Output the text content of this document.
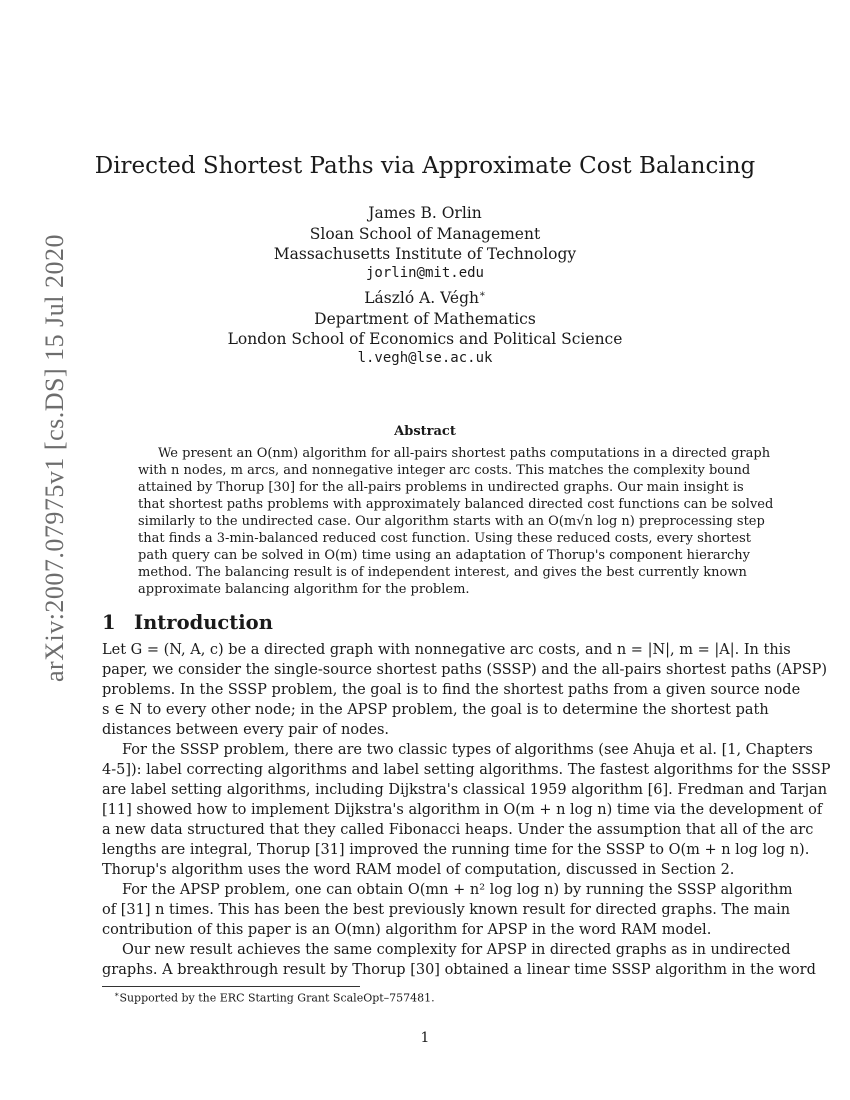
arXiv:2007.07975v1 [cs.DS] 15 Jul 2020
Directed Shortest Paths via Approximate Cost Balancing
James B. Orlin
Sloan School of Management
Massachusetts Institute of Technology
jorlin@mit.edu
László A. Végh∗
Department of Mathematics
London School of Economics and Political Science
l.vegh@lse.ac.uk
Abstract
We present an O(nm) algorithm for all-pairs shortest paths computations in a directed graph
with n nodes, m arcs, and nonnegative integer arc costs. This matches the complexity bound
attained by Thorup [30] for the all-pairs problems in undirected graphs. Our main insight is
that shortest paths problems with approximately balanced directed cost functions can be solved
similarly to the undirected case. Our algorithm starts with an O(m√n log n) preprocessing step
that finds a 3-min-balanced reduced cost function. Using these reduced costs, every shortest
path query can be solved in O(m) time using an adaptation of Thorup's component hierarchy
method. The balancing result is of independent interest, and gives the best currently known
approximate balancing algorithm for the problem.
1 Introduction
Let G = (N, A, c) be a directed graph with nonnegative arc costs, and n = |N|, m = |A|. In this
paper, we consider the single-source shortest paths (SSSP) and the all-pairs shortest paths (APSP)
problems. In the SSSP problem, the goal is to find the shortest paths from a given source node
s ∈ N to every other node; in the APSP problem, the goal is to determine the shortest path
distances between every pair of nodes.
For the SSSP problem, there are two classic types of algorithms (see Ahuja et al. [1, Chapters
4-5]): label correcting algorithms and label setting algorithms. The fastest algorithms for the SSSP
are label setting algorithms, including Dijkstra's classical 1959 algorithm [6]. Fredman and Tarjan
[11] showed how to implement Dijkstra's algorithm in O(m + n log n) time via the development of
a new data structured that they called Fibonacci heaps. Under the assumption that all of the arc
lengths are integral, Thorup [31] improved the running time for the SSSP to O(m + n log log n).
Thorup's algorithm uses the word RAM model of computation, discussed in Section 2.
For the APSP problem, one can obtain O(mn + n² log log n) by running the SSSP algorithm
of [31] n times. This has been the best previously known result for directed graphs. The main
contribution of this paper is an O(mn) algorithm for APSP in the word RAM model.
Our new result achieves the same complexity for APSP in directed graphs as in undirected
graphs. A breakthrough result by Thorup [30] obtained a linear time SSSP algorithm in the word
∗Supported by the ERC Starting Grant ScaleOpt–757481.
1
